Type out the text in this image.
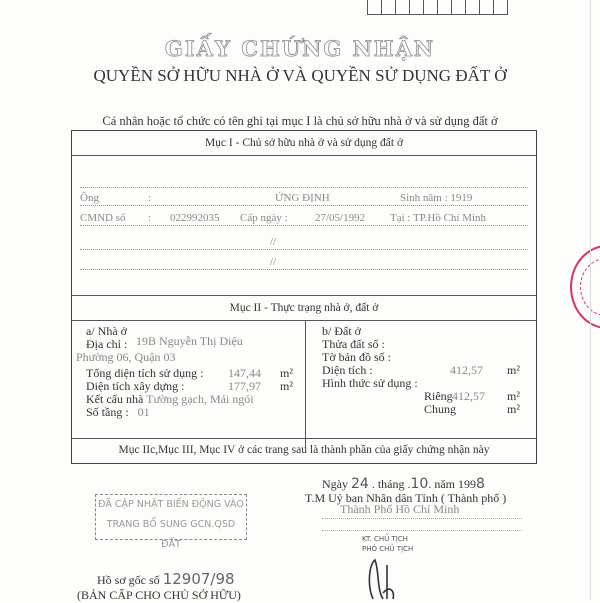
GIẤY CHỨNG NHẬN
QUYỀN SỞ HỮU NHÀ Ở VÀ QUYỀN SỬ DỤNG ĐẤT Ở
Cá nhân hoặc tổ chức có tên ghi tại mục I là chủ sở hữu nhà ở và sử dụng đất ở
Mục I - Chủ sở hữu nhà ở và sử dụng đất ở
Ông	:	ỨNG ĐỊNH	Sinh năm : 1919
CMND số : 022992035 Cấp ngày : 27/05/1992 Tại : TP.Hồ Chí Minh
//
//
Mục II - Thực trạng nhà ở, đất ở
a/ Nhà ở
Địa chỉ : 19B Nguyễn Thị Diệu
Phường 06, Quận 03
Tổng diện tích sử dụng : 147,44 m²
Diện tích xây dựng :	177,97 m²
Kết cấu nhà Tường gạch, Mái ngói
Số tầng : 01
b/ Đất ở
Thửa đất số :
Tờ bản đồ số :
Diện tích :	412,57 m²
Hình thức sử dụng :
Riêng 412,57 m²
Chung	m²
Mục IIc,Mục III, Mục IV ở các trang sau là thành phần của giấy chứng nhận này
Ngày 24 . tháng .10. năm 1998
T.M Uỷ ban Nhân dân Tỉnh ( Thành phố )
Thành Phố Hồ Chí Minh
KT. CHỦ TỊCH
PHÓ CHỦ TỊCH
ĐÃ CẬP NHẬT BIẾN ĐỘNG VÀO
TRANG BỔ SUNG GCN.QSD ĐẤT
Hồ sơ gốc số 12907/98
(BẢN CẤP CHO CHỦ SỞ HỮU)
